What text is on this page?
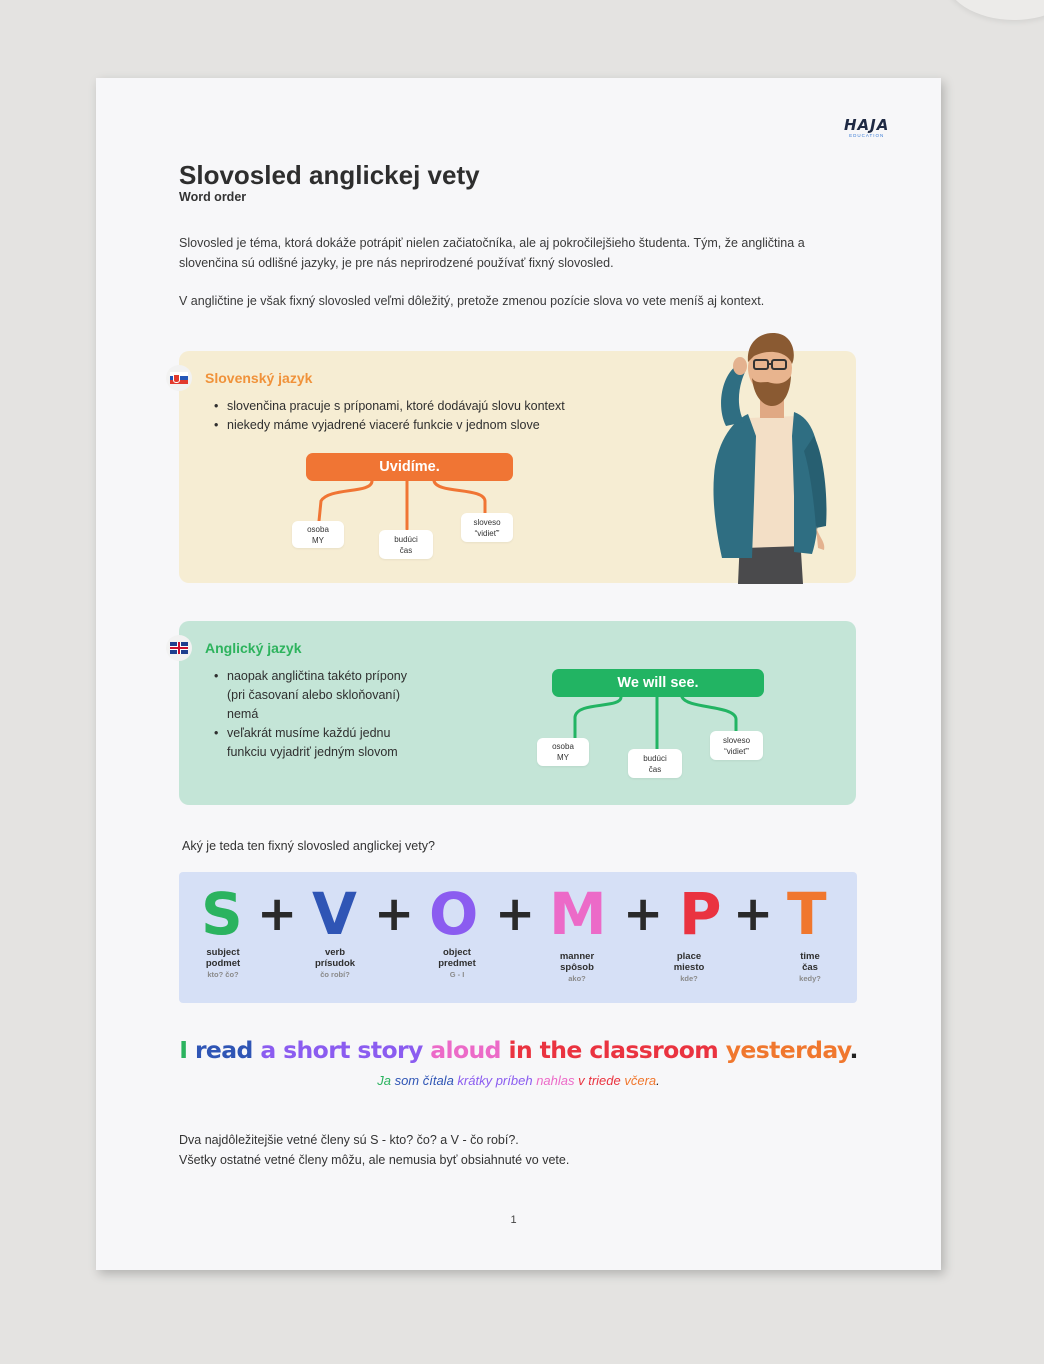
HAJA
EDUCATION
Slovosled anglickej vety
Word order
Slovosled je téma, ktorá dokáže potrápiť nielen začiatočníka, ale aj pokročilejšieho študenta. Tým, že angličtina a slovenčina sú odlišné jazyky, je pre nás neprirodzené používať fixný slovosled.
V angličtine je však fixný slovosled veľmi dôležitý, pretože zmenou pozície slova vo vete meníš aj kontext.
Slovenský jazyk
• slovenčina pracuje s príponami, ktoré dodávajú slovu kontext
• niekedy máme vyjadrené viaceré funkcie v jednom slove
Uvidíme.
osoba
MY	budúci
čas
sloveso
“vidieť”
Anglický jazyk
• naopak angličtina takéto prípony (pri časovaní alebo skloňovaní) nemá
• veľakrát musíme každú jednu funkciu vyjadriť jedným slovom
We will see.
osoba
MY	budúci
čas
sloveso
“vidieť”
Aký je teda ten fixný slovosled anglickej vety?
S + V + O + M + P + T
subject
podmet
kto? čo?
verb
prísudok
čo robí?
object
predmet
G - I
manner
spôsob
ako?
place
miesto
kde?
time
čas
kedy?
I read a short story aloud in the classroom yesterday.
Ja som čítala krátky príbeh nahlas v triede včera.
Dva najdôležitejšie vetné členy sú S - kto? čo? a V - čo robí?.
Všetky ostatné vetné členy môžu, ale nemusia byť obsiahnuté vo vete.
1
